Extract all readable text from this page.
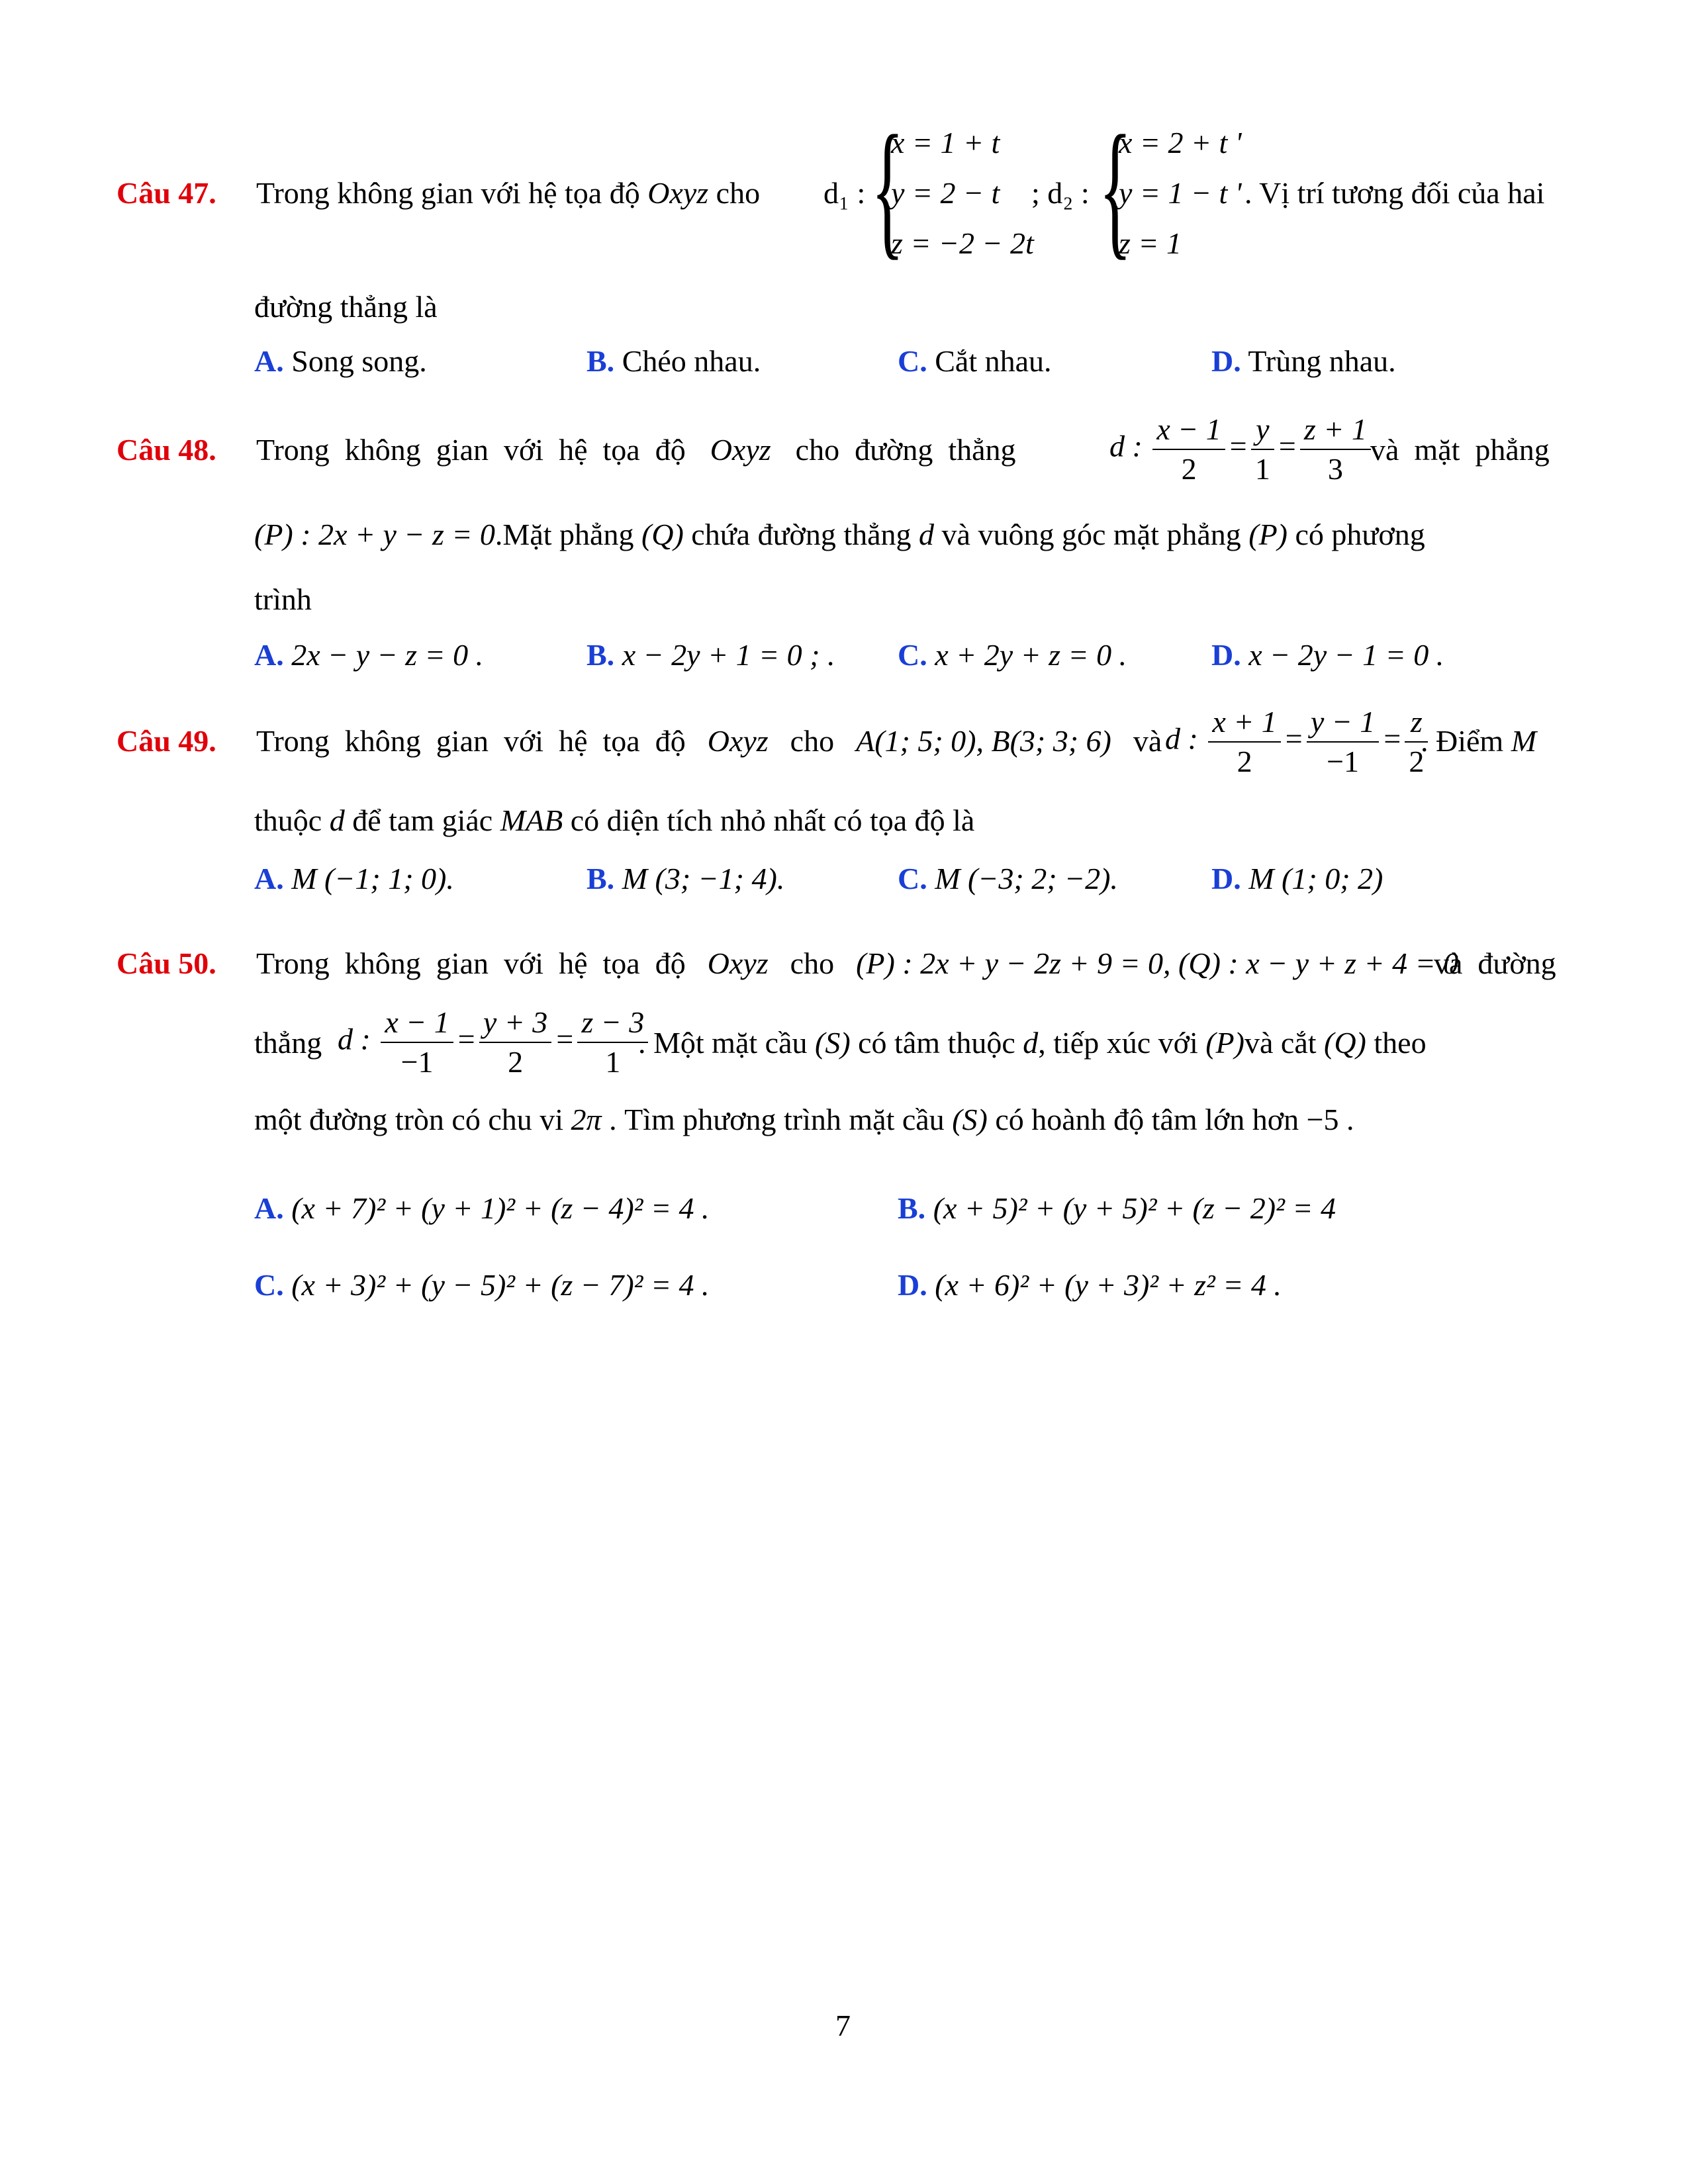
Câu 47. Trong không gian với hệ tọa độ Oxyz cho d₁ : {
x = 1 + t
y = 2 − t
z = −2 − 2t
; d₂ : {
x = 2 + t '
y = 1 − t '
z = 1
. Vị trí tương đối của hai
đường thẳng là
A. Song song.	B. Chéo nhau.	C. Cắt nhau.	D. Trùng nhau.
Câu 48. Trong  không  gian  với  hệ  tọa  độ Oxyz cho  đường  thẳng	d : $\frac{x - 1}{2} = \frac{y}{1} = \frac{z + 1}{3}$ và  mặt  phẳng
(P) : 2x + y − z = 0.Mặt phẳng (Q) chứa đường thẳng d và vuông góc mặt phẳng (P) có phương
trình
A. 2x − y − z = 0 .	B. x − 2y + 1 = 0 ; . C. x + 2y + z = 0 .	D. x − 2y − 1 = 0 .
Câu 49. Trong  không  gian  với  hệ  tọa  độ Oxyz cho A(1; 5; 0), B(3; 3; 6) và d : $\frac{x + 1}{2} = \frac{y - 1}{-1} = \frac{z}{2}$
. Điểm M
thuộc d để tam giác MAB có diện tích nhỏ nhất có tọa độ là
A. M (−1; 1; 0).	B. M (3; −1; 4).	C. M (−3; 2; −2).	D. M (1; 0; 2)
Câu 50. Trong  không  gian  với  hệ  tọa  độ Oxyz cho (P) : 2x + y − 2z + 9 = 0, (Q) : x − y + z + 4 = 0
và  đường
thẳng d : $\frac{x - 1}{-1} = \frac{y + 3}{2} = \frac{z - 3}{1}$
. Một mặt cầu (S) có tâm thuộc d, tiếp xúc với (P)và cắt (Q) theo
một đường tròn có chu vi 2π . Tìm phương trình mặt cầu (S) có hoành độ tâm lớn hơn −5 .
A. (x + 7)² + (y + 1)² + (z − 4)² = 4 .	B. (x + 5)² + (y + 5)² + (z − 2)² = 4
C. (x + 3)² + (y − 5)² + (z − 7)² = 4 .	D. (x + 6)² + (y + 3)² + z² = 4 .
7
